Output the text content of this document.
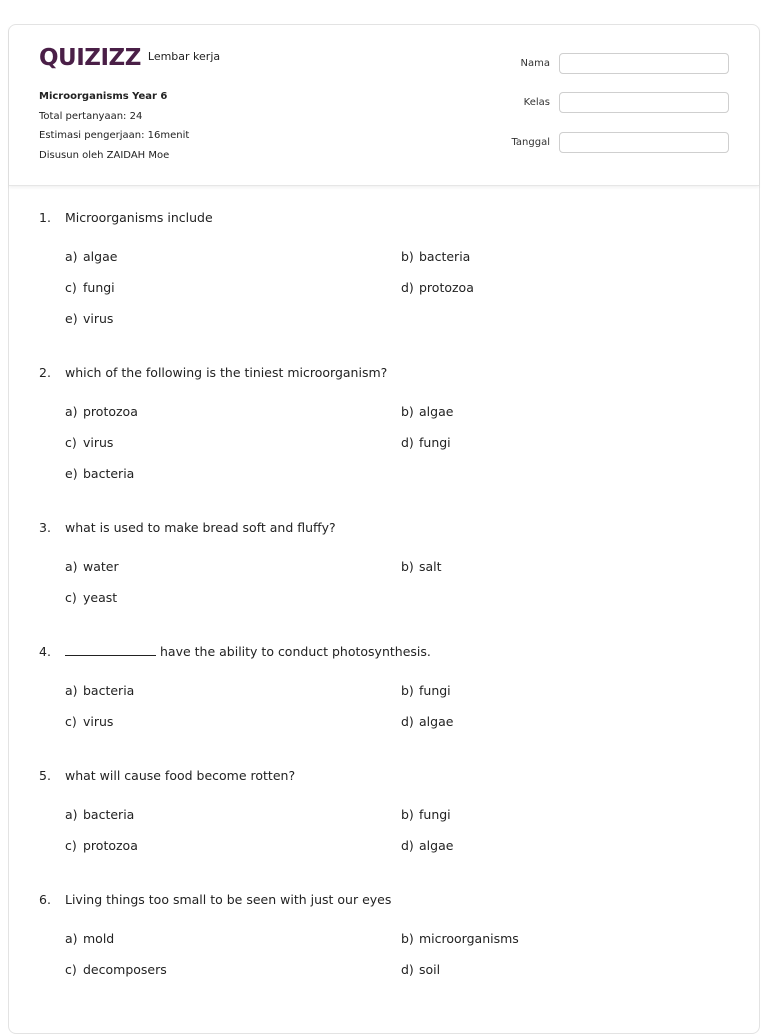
QUIZIZZ Lembar kerja
Microorganisms Year 6
Total pertanyaan: 24
Estimasi pengerjaan: 16menit
Disusun oleh ZAIDAH Moe
Nama
Kelas
Tanggal
1. Microorganisms include
a) algae	b) bacteria
c) fungi	d) protozoa
e) virus
2. which of the following is the tiniest microorganism?
a) protozoa	b) algae
c) virus	d) fungi
e) bacteria
3. what is used to make bread soft and fluffy?
a) water	b) salt
c) yeast
4.	have the ability to conduct photosynthesis.
a) bacteria	b) fungi
c) virus	d) algae
5. what will cause food become rotten?
a) bacteria	b) fungi
c) protozoa	d) algae
6. Living things too small to be seen with just our eyes
a) mold	b) microorganisms
c) decomposers	d) soil
